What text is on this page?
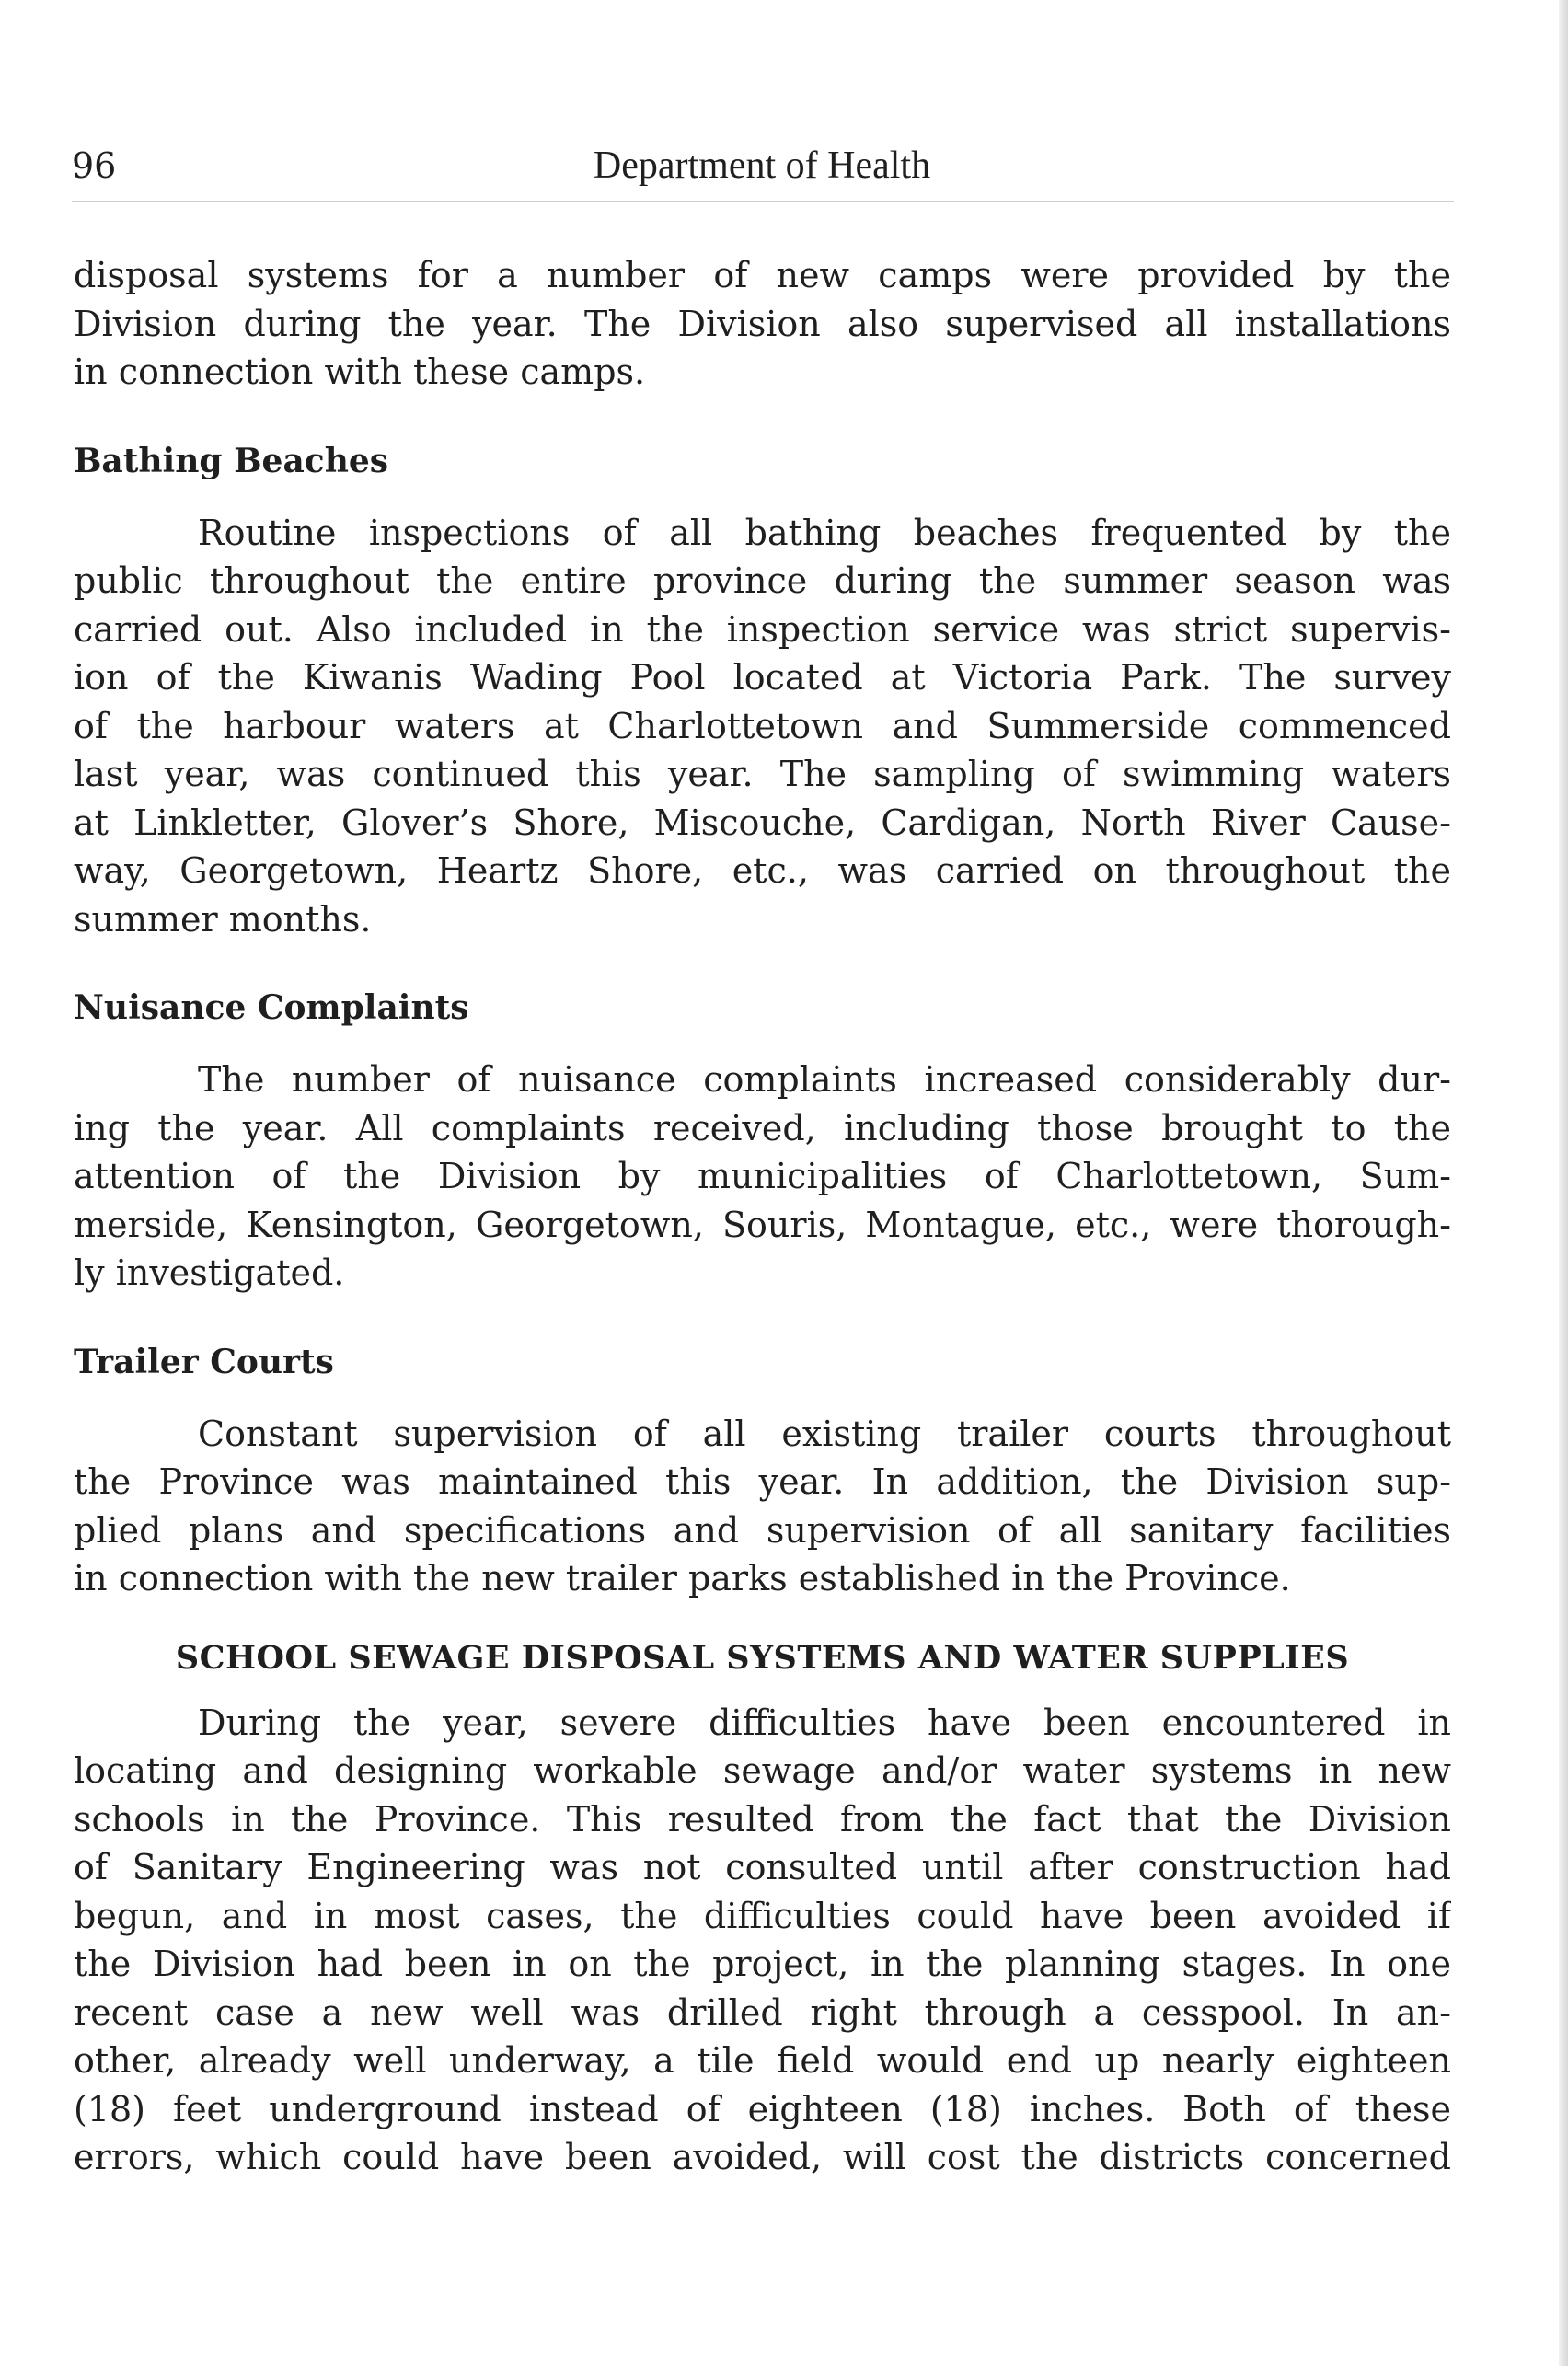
96	Department of Health

disposal systems for a number of new camps were provided by the

Division during the year. The Division also supervised all installations

in connection with these camps.

Bathing Beaches

Routine inspections of all bathing beaches frequented by the

public throughout the entire province during the summer season was

carried out. Also included in the inspection service was strict supervis-

ion of the Kiwanis Wading Pool located at Victoria Park. The survey

of the harbour waters at Charlottetown and Summerside commenced

last year, was continued this year. The sampling of swimming waters

at Linkletter, Glover’s Shore, Miscouche, Cardigan, North River Cause-

way, Georgetown, Heartz Shore, etc., was carried on throughout the

summer months.

Nuisance Complaints

The number of nuisance complaints increased considerably dur-

ing the year. All complaints received, including those brought to the

attention of the Division by municipalities of Charlottetown, Sum-

merside, Kensington, Georgetown, Souris, Montague, etc., were thorough-

ly investigated.

Trailer Courts

Constant supervision of all existing trailer courts throughout

the Province was maintained this year. In addition, the Division sup-

plied plans and specifications and supervision of all sanitary facilities

in connection with the new trailer parks established in the Province.

SCHOOL SEWAGE DISPOSAL SYSTEMS AND WATER SUPPLIES

During the year, severe difficulties have been encountered in

locating and designing workable sewage and/or water systems in new

schools in the Province. This resulted from the fact that the Division

of Sanitary Engineering was not consulted until after construction had

begun, and in most cases, the difficulties could have been avoided if

the Division had been in on the project, in the planning stages. In one

recent case a new well was drilled right through a cesspool. In an-

other, already well underway, a tile field would end up nearly eighteen

(18) feet underground instead of eighteen (18) inches. Both of these

errors, which could have been avoided, will cost the districts concerned
